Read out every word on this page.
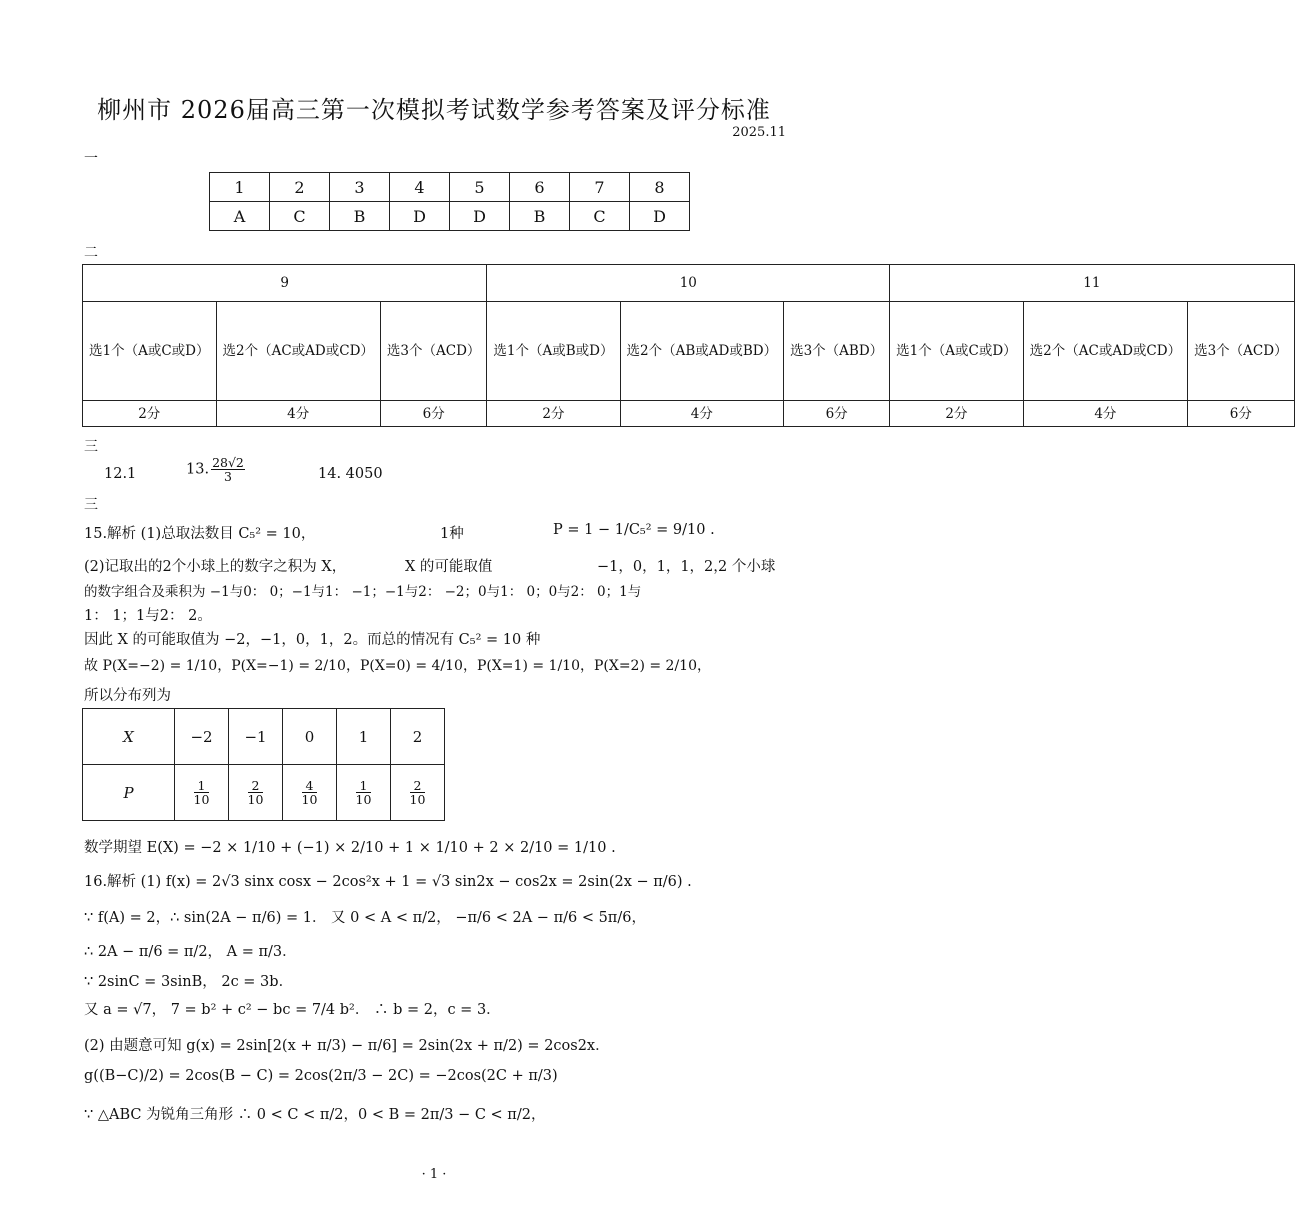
柳州市 2026届高三第一次模拟考试数学参考答案及评分标准
2025.11
一
1	2	3	4	5	6	7	8
A	C	B	D	D	B	C	D
二
9			10			11		
选1个（A或C或D）	选2个（AC或AD或CD）	选3个（ACD）	选1个（A或B或D）	选2个（AB或AD或BD）	选3个（ABD）	选1个（A或C或D）	选2个（AC或AD或CD）	选3个（ACD）
2分	4分	6分	2分	4分	6分	2分	4分	6分
三
12.1	13. $\frac{28√2}{3}$	14. 4050
三
15.解析 (1)总取法数目 C₅² = 10，	1种	P = 1 − 1/C₅² = 9/10 .
(2)记取出的2个小球上的数字之积为 X，	X 的可能取值	−1，0，1，1，2，
2 个小球
的数字组合及乘积为 −1与0： 0；−1与1： −1；−1与2： −2；0与1： 0；0与2： 0；1与
1： 1；1与2： 2。
因此 X 的可能取值为 −2，−1，0，1，2。而总的情况有 C₅² = 10 种
故 P(X=−2) = 1/10，P(X=−1) = 2/10，P(X=0) = 4/10，P(X=1) = 1/10，P(X=2) = 2/10，
所以分布列为
X	−2	−1	0	1	2
P	$\frac{1}{10}$	$\frac{2}{10}$	$\frac{4}{10}$	$\frac{1}{10}$	$\frac{2}{10}$
数学期望 E(X) = −2 × 1/10 + (−1) × 2/10 + 1 × 1/10 + 2 × 2/10 = 1/10 .
16.解析 (1) f(x) = 2√3 sinx cosx − 2cos²x + 1 = √3 sin2x − cos2x = 2sin(2x − π/6) .
∵ f(A) = 2，∴ sin(2A − π/6) = 1． 又 0 < A < π/2， −π/6 < 2A − π/6 < 5π/6，
∴ 2A − π/6 = π/2， A = π/3．
∵ 2sinC = 3sinB， 2c = 3b．
又 a = √7， 7 = b² + c² − bc = 7/4 b²． ∴ b = 2，c = 3．
(2) 由题意可知 g(x) = 2sin[2(x + π/3) − π/6] = 2sin(2x + π/2) = 2cos2x．
g((B−C)/2) = 2cos(B − C) = 2cos(2π/3 − 2C) = −2cos(2C + π/3)
∵ △ABC 为锐角三角形 ∴ 0 < C < π/2，0 < B = 2π/3 − C < π/2，
· 1 ·
